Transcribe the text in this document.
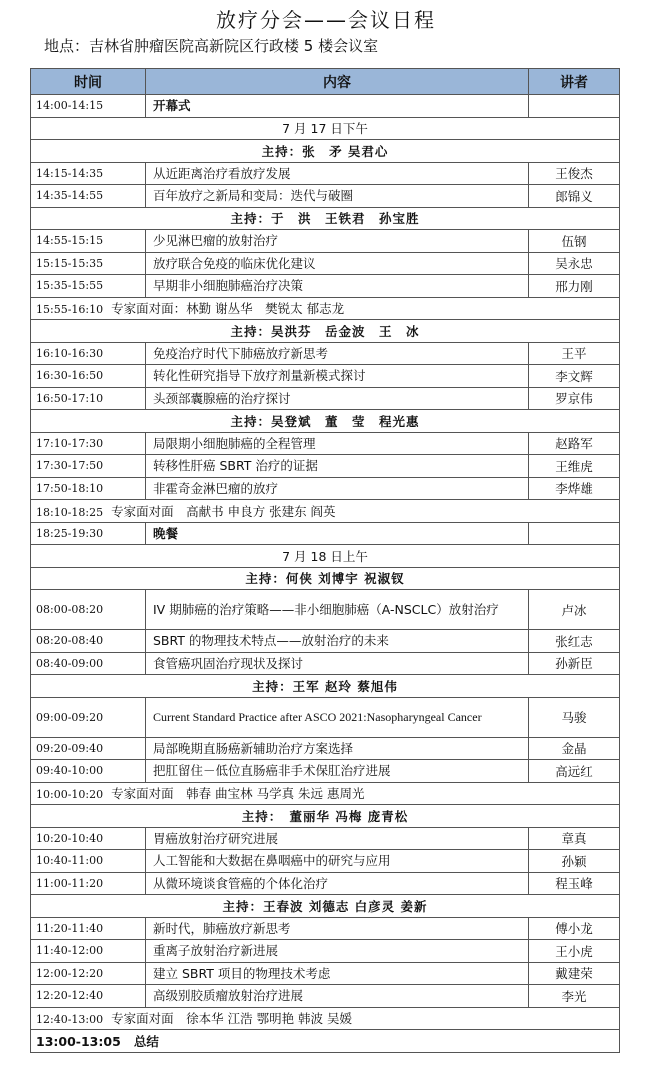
放疗分会——会议日程
地点：吉林省肿瘤医院高新院区行政楼 5 楼会议室
时间	内容	讲者
14:00-14:15	开幕式	
7 月 17 日下午		
主持：张　矛 吴君心		
14:15-14:35	从近距离治疗看放疗发展	王俊杰
14:35-14:55	百年放疗之新局和变局：迭代与破圈	郎锦义
主持：于　洪　王铁君　孙宝胜		
14:55-15:15	少见淋巴瘤的放射治疗	伍钢
15:15-15:35	放疗联合免疫的临床优化建议	吴永忠
15:35-15:55	早期非小细胞肺癌治疗决策	邢力刚
15:55-16:10 专家面对面：林勤 谢丛华　樊锐太 郁志龙		
主持：吴洪芬　岳金波　王　冰		
16:10-16:30	免疫治疗时代下肺癌放疗新思考	王平
16:30-16:50	转化性研究指导下放疗剂量新模式探讨	李文辉
16:50-17:10	头颈部囊腺癌的治疗探讨	罗京伟
主持：吴登斌　董　莹　程光惠		
17:10-17:30	局限期小细胞肺癌的全程管理	赵路军
17:30-17:50	转移性肝癌 SBRT 治疗的证据	王维虎
17:50-18:10	非霍奇金淋巴瘤的放疗	李烨雄
18:10-18:25 专家面对面　高献书 申良方 张建东 阎英		
18:25-19:30	晚餐	
7 月 18 日上午		
主持：何侠 刘博宇 祝淑钗		
08:00-08:20	IV 期肺癌的治疗策略——非小细胞肺癌（A-NSCLC）放射治疗	卢冰
08:20-08:40	SBRT 的物理技术特点——放射治疗的未来	张红志
08:40-09:00	食管癌巩固治疗现状及探讨	孙新臣
主持：王军 赵玲 蔡旭伟		
09:00-09:20	Current Standard Practice after ASCO 2021:Nasopharyngeal Cancer	马骏
09:20-09:40	局部晚期直肠癌新辅助治疗方案选择	金晶
09:40-10:00	把肛留住－低位直肠癌非手术保肛治疗进展	高远红
10:00-10:20 专家面对面　韩春 曲宝林 马学真 朱远 惠周光		
主持：　董丽华 冯梅 庞青松		
10:20-10:40	胃癌放射治疗研究进展	章真
10:40-11:00	人工智能和大数据在鼻咽癌中的研究与应用	孙颖
11:00-11:20	从微环境谈食管癌的个体化治疗	程玉峰
主持：王春波 刘德志 白彦灵 姜新		
11:20-11:40	新时代，肺癌放疗新思考	傅小龙
11:40-12:00	重离子放射治疗新进展	王小虎
12:00-12:20	建立 SBRT 项目的物理技术考虑	戴建荣
12:20-12:40	高级别胶质瘤放射治疗进展	李光
12:40-13:00 专家面对面　徐本华 江浩 鄂明艳 韩波 吴媛		
13:00-13:05 总结		
